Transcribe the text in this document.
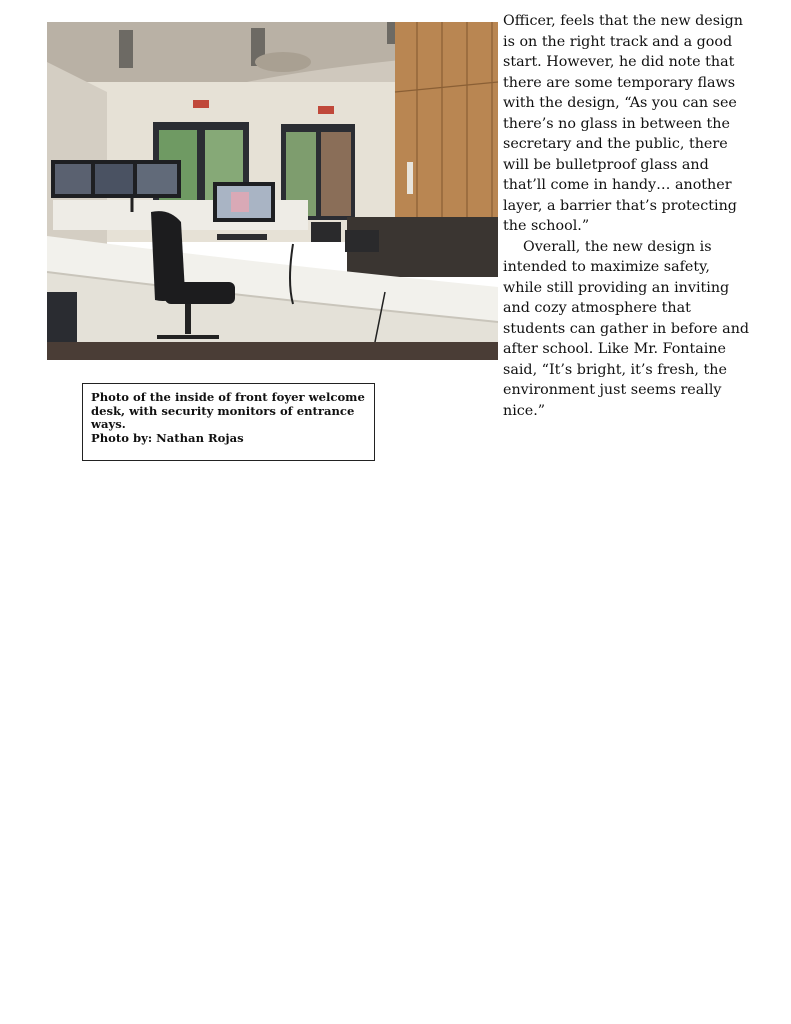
Photo of the inside of front foyer welcome desk, with security monitors of entrance ways.

Photo by: Nathan Rojas

Officer, feels that the new design is on the right track and a good start. However, he did note that there are some temporary flaws with the design, “As you can see there’s no glass in between the secretary and the public, there will be bulletproof glass and that’ll come in handy… another layer, a barrier that’s protecting the school.”

Overall, the new design is intended to maximize safety, while still providing an inviting and cozy atmosphere that students can gather in before and after school. Like Mr. Fontaine said, “It’s bright, it’s fresh, the environment just seems really nice.”
